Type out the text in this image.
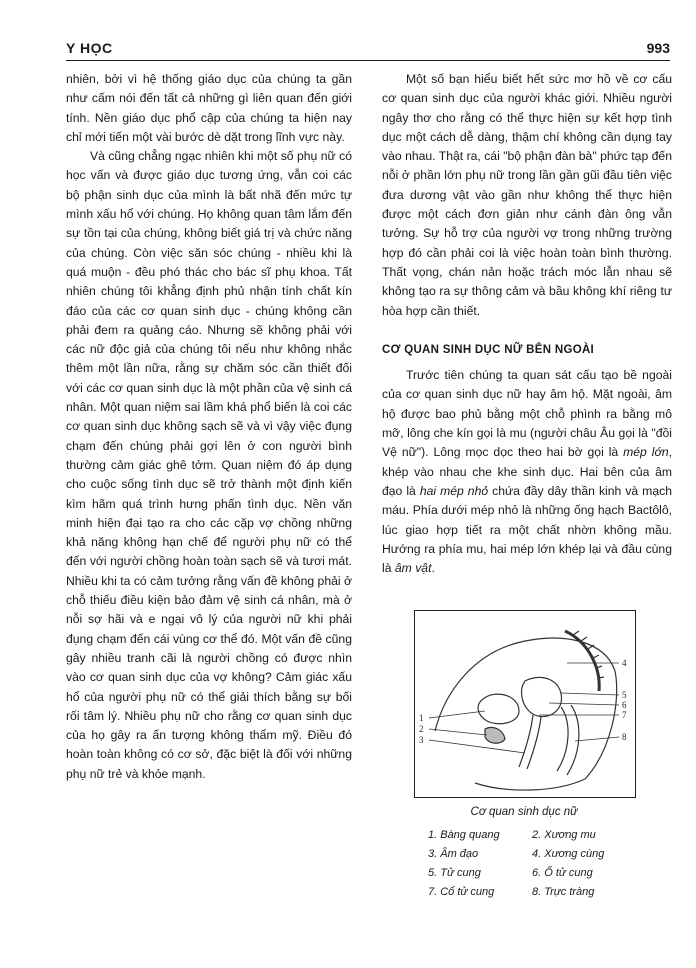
Y HỌC	993

nhiên, bởi vì hệ thống giáo dục của chúng ta gần như cấm nói đến tất cả những gì liên quan đến giới tính. Nền giáo dục phổ cập của chúng ta hiện nay chỉ mới tiến một vài bước dè dặt trong lĩnh vực này.

Và cũng chẳng ngạc nhiên khi một số phụ nữ có học vấn và được giáo dục tương ứng, vẫn coi các bộ phận sinh dục của mình là bất nhã đến mức tự mình xấu hổ với chúng. Họ không quan tâm lắm đến sự tồn tại của chúng, không biết giá trị và chức năng của chúng. Còn việc săn sóc chúng - nhiều khi là quá muộn - đều phó thác cho bác sĩ phụ khoa. Tất nhiên chúng tôi khẳng định phủ nhận tính chất kín đáo của các cơ quan sinh dục - chúng không cần phải đem ra quảng cáo. Nhưng sẽ không phải với các nữ độc giả của chúng tôi nếu như không nhắc thêm một lần nữa, rằng sự chăm sóc cần thiết đối với các cơ quan sinh dục là một phần của vệ sinh cá nhân. Một quan niệm sai lầm khá phổ biến là coi các cơ quan sinh dục không sạch sẽ và vì vậy việc đụng chạm đến chúng phải gợi lên ở con người bình thường cảm giác ghê tởm. Quan niệm đó áp dụng cho cuộc sống tình dục sẽ trở thành một định kiến kìm hãm quá trình hưng phấn tình dục. Nền văn minh hiện đại tạo ra cho các cặp vợ chồng những khả năng không hạn chế để người phụ nữ có thể đến với người chồng hoàn toàn sạch sẽ và tươi mát. Nhiều khi ta có cảm tưởng rằng vấn đề không phải ở chỗ thiếu điều kiện bảo đảm vệ sinh cá nhân, mà ở nỗi sợ hãi và e ngại vô lý của người nữ khi phải đụng chạm đến cái vùng cơ thể đó. Một vấn đề cũng gây nhiều tranh cãi là người chồng có được nhìn vào cơ quan sinh dục của vợ không? Cảm giác xấu hổ của người phụ nữ có thể giải thích bằng sự bối rối tâm lý. Nhiều phụ nữ cho rằng cơ quan sinh dục của họ gây ra ấn tượng không thẩm mỹ. Điều đó hoàn toàn không có cơ sở, đặc biệt là đối với những phụ nữ trẻ và khỏe mạnh.

Một số bạn hiểu biết hết sức mơ hồ về cơ cấu cơ quan sinh dục của người khác giới. Nhiều người ngây thơ cho rằng có thể thực hiện sự kết hợp tình dục một cách dễ dàng, thậm chí không cần dụng tay vào nhau. Thật ra, cái "bộ phận đàn bà" phức tạp đến nỗi ở phần lớn phụ nữ trong lần gần gũi đầu tiên việc đưa dương vật vào gần như không thể thực hiện được một cách đơn giản như cánh đàn ông vẫn tưởng. Sự hỗ trợ của người vợ trong những trường hợp đó cần phải coi là việc hoàn toàn bình thường. Thất vọng, chán nản hoặc trách móc lẫn nhau sẽ không tạo ra sự thông cảm và bầu không khí riêng tư hòa hợp cần thiết.

CƠ QUAN SINH DỤC NỮ BÊN NGOÀI

Trước tiên chúng ta quan sát cấu tạo bề ngoài của cơ quan sinh dục nữ hay âm hộ. Mặt ngoài, âm hộ được bao phủ bằng một chỗ phình ra bằng mô mỡ, lông che kín gọi là mu (người châu Âu gọi là "đồi Vệ nữ"). Lông mọc dọc theo hai bờ gọi là mép lớn, khép vào nhau che khe sinh dục. Hai bên của âm đạo là hai mép nhỏ chứa đầy dây thần kinh và mạch máu. Phía dưới mép nhỏ là những ống hạch Bactôlô, lúc giao hợp tiết ra một chất nhờn không mầu. Hướng ra phía mu, hai mép lớn khép lại và đầu cùng là âm vật.

1
2
3
4
5
6
7
8
Cơ quan sinh dục nữ
1. Bàng quang	2. Xương mu
3. Âm đạo	4. Xương cùng
5. Tử cung	6. Ổ tử cung
7. Cổ tử cung	8. Trực tràng
